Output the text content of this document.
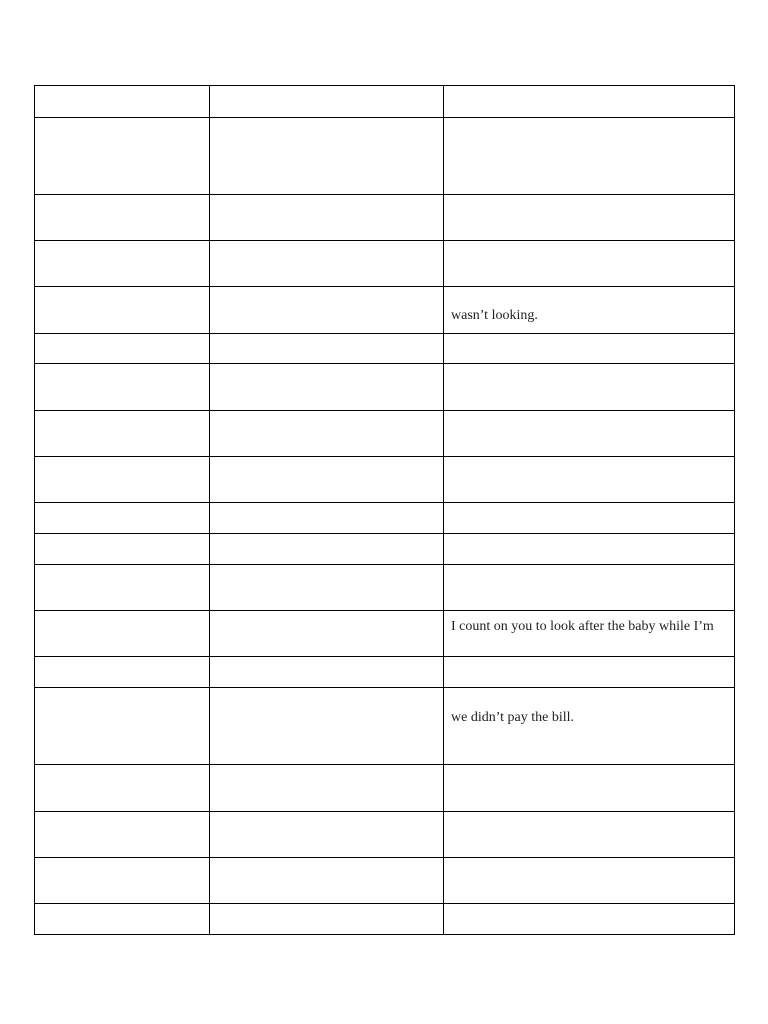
		wasn’t looking.

		I count on you to look after the baby while I’m

		we didn’t pay the bill.
